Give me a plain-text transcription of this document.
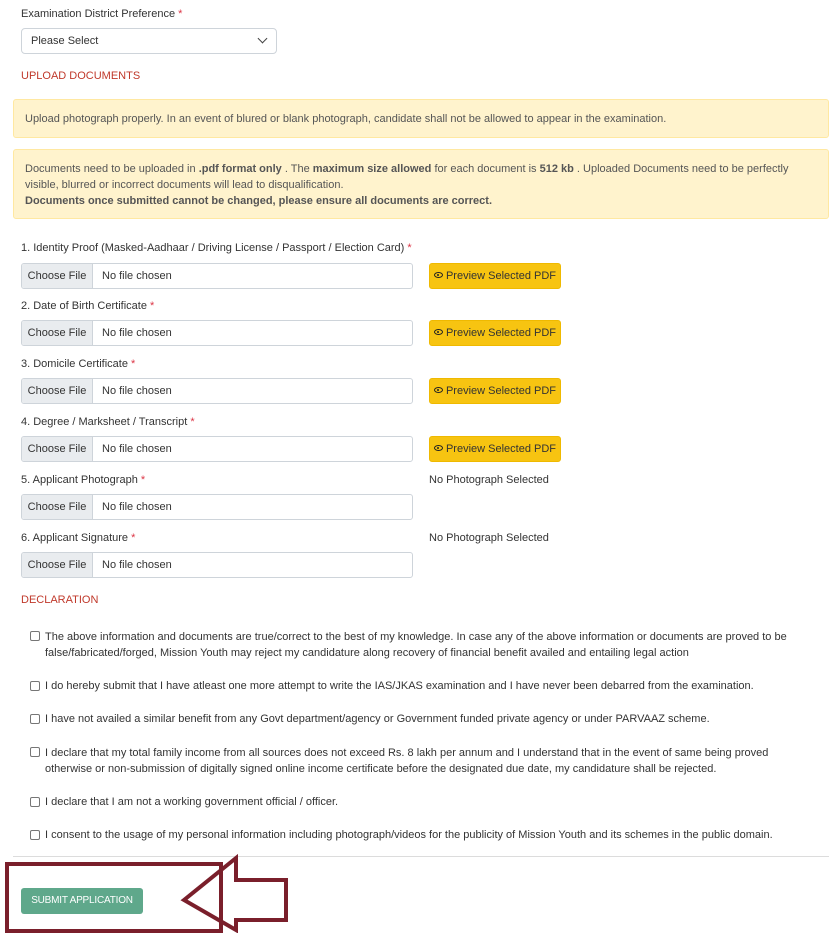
Examination District Preference *
Please Select
UPLOAD DOCUMENTS
Upload photograph properly. In an event of blured or blank photograph, candidate shall not be allowed to appear in the examination.
Documents need to be uploaded in .pdf format only . The maximum size allowed for each document is 512 kb . Uploaded Documents need to be perfectly visible, blurred or incorrect documents will lead to disqualification.
Documents once submitted cannot be changed, please ensure all documents are correct.
1. Identity Proof (Masked-Aadhaar / Driving License / Passport / Election Card) *
Choose File	No file chosen	Preview Selected PDF
2. Date of Birth Certificate *
Choose File	No file chosen	Preview Selected PDF
3. Domicile Certificate *
Choose File	No file chosen	Preview Selected PDF
4. Degree / Marksheet / Transcript *
Choose File	No file chosen	Preview Selected PDF
5. Applicant Photograph *	No Photograph Selected
Choose File	No file chosen
6. Applicant Signature *	No Photograph Selected
Choose File	No file chosen
DECLARATION
The above information and documents are true/correct to the best of my knowledge. In case any of the above information or documents are proved to be false/fabricated/forged, Mission Youth may reject my candidature along recovery of financial benefit availed and entailing legal action
I do hereby submit that I have atleast one more attempt to write the IAS/JKAS examination and I have never been debarred from the examination.
I have not availed a similar benefit from any Govt department/agency or Government funded private agency or under PARVAAZ scheme.
I declare that my total family income from all sources does not exceed Rs. 8 lakh per annum and I understand that in the event of same being proved otherwise or non-submission of digitally signed online income certificate before the designated due date, my candidature shall be rejected.
I declare that I am not a working government official / officer.
I consent to the usage of my personal information including photograph/videos for the publicity of Mission Youth and its schemes in the public domain.
SUBMIT APPLICATION
